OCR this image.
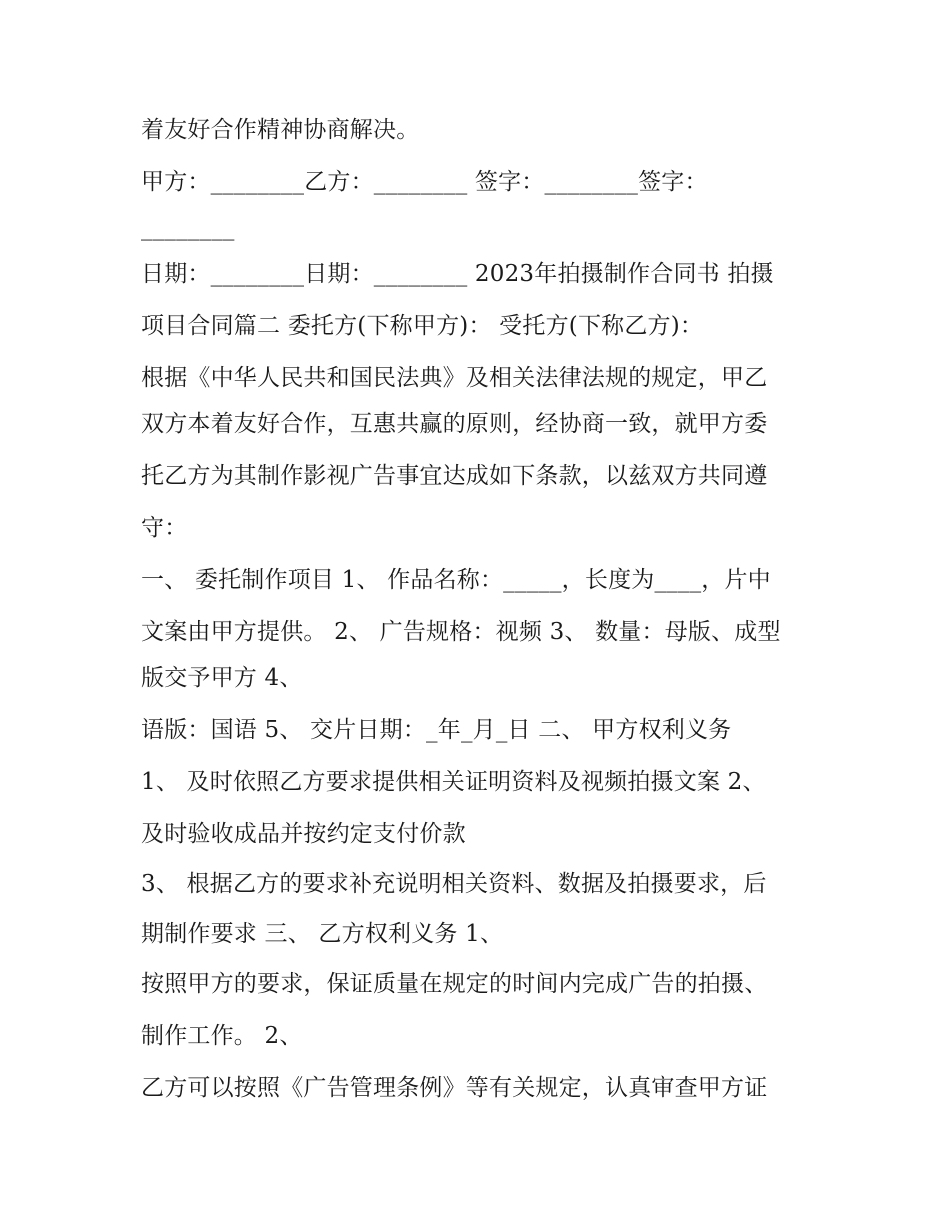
着友好合作精神协商解决。
甲方：________乙方：________ 签字：________签字：
________
日期：________日期：________ 2023年拍摄制作合同书 拍摄
项目合同篇二 委托方(下称甲方)： 受托方(下称乙方)：
根据《中华人民共和国民法典》及相关法律法规的规定，甲乙
双方本着友好合作，互惠共赢的原则，经协商一致，就甲方委
托乙方为其制作影视广告事宜达成如下条款，以兹双方共同遵
守：
一、 委托制作项目 1、 作品名称：_____，长度为____，片中
文案由甲方提供。 2、 广告规格：视频 3、 数量：母版、成型
版交予甲方 4、
语版：国语 5、 交片日期：_年_月_日 二、 甲方权利义务
1、 及时依照乙方要求提供相关证明资料及视频拍摄文案 2、
及时验收成品并按约定支付价款
3、 根据乙方的要求补充说明相关资料、数据及拍摄要求，后
期制作要求 三、 乙方权利义务 1、
按照甲方的要求，保证质量在规定的时间内完成广告的拍摄、
制作工作。 2、
乙方可以按照《广告管理条例》等有关规定，认真审查甲方证
